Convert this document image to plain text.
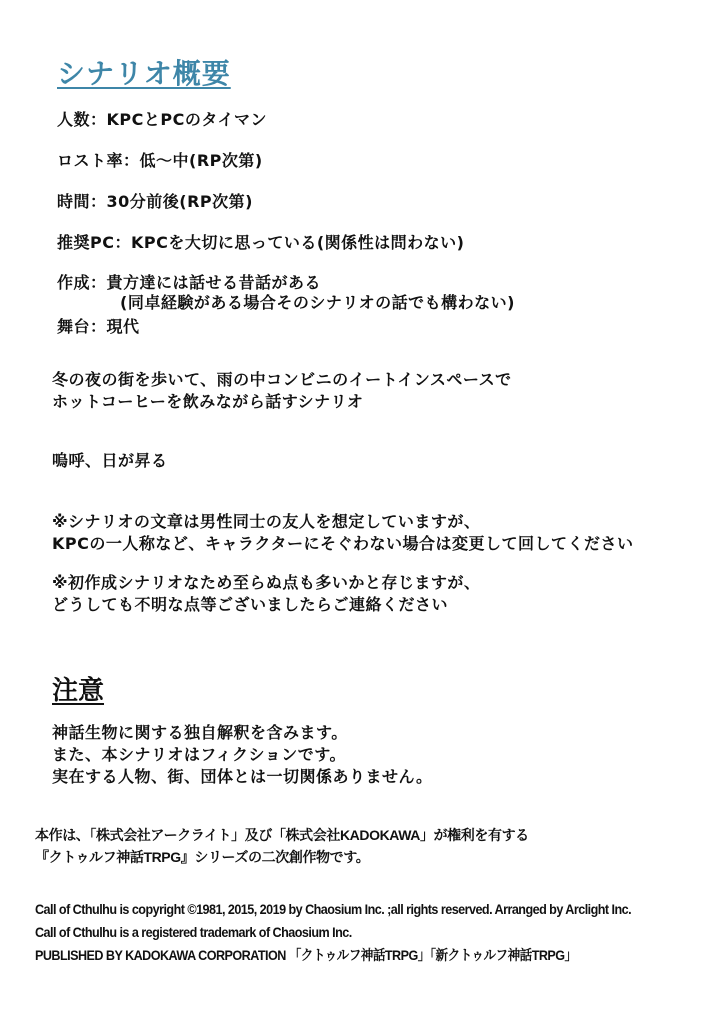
シナリオ概要
人数：KPCとPCのタイマン
ロスト率：低〜中(RP次第)
時間：30分前後(RP次第)
推奨PC：KPCを大切に思っている(関係性は問わない)
作成：貴方達には話せる昔話がある
(同卓経験がある場合そのシナリオの話でも構わない)
舞台：現代
冬の夜の街を歩いて、雨の中コンビニのイートインスペースで
ホットコーヒーを飲みながら話すシナリオ
嗚呼、日が昇る
※シナリオの文章は男性同士の友人を想定していますが、
KPCの一人称など、キャラクターにそぐわない場合は変更して回してください
※初作成シナリオなため至らぬ点も多いかと存じますが、
どうしても不明な点等ございましたらご連絡ください
注意
神話生物に関する独自解釈を含みます。
また、本シナリオはフィクションです。
実在する人物、街、団体とは一切関係ありません。
本作は、「株式会社アークライト」及び「株式会社KADOKAWA」が権利を有する
『クトゥルフ神話TRPG』シリーズの二次創作物です。
Call of Cthulhu is copyright ©1981, 2015, 2019 by Chaosium Inc. ;all rights reserved. Arranged by Arclight Inc.
Call of Cthulhu is a registered trademark of Chaosium Inc.
PUBLISHED BY KADOKAWA CORPORATION 「クトゥルフ神話TRPG」「新クトゥルフ神話TRPG」
